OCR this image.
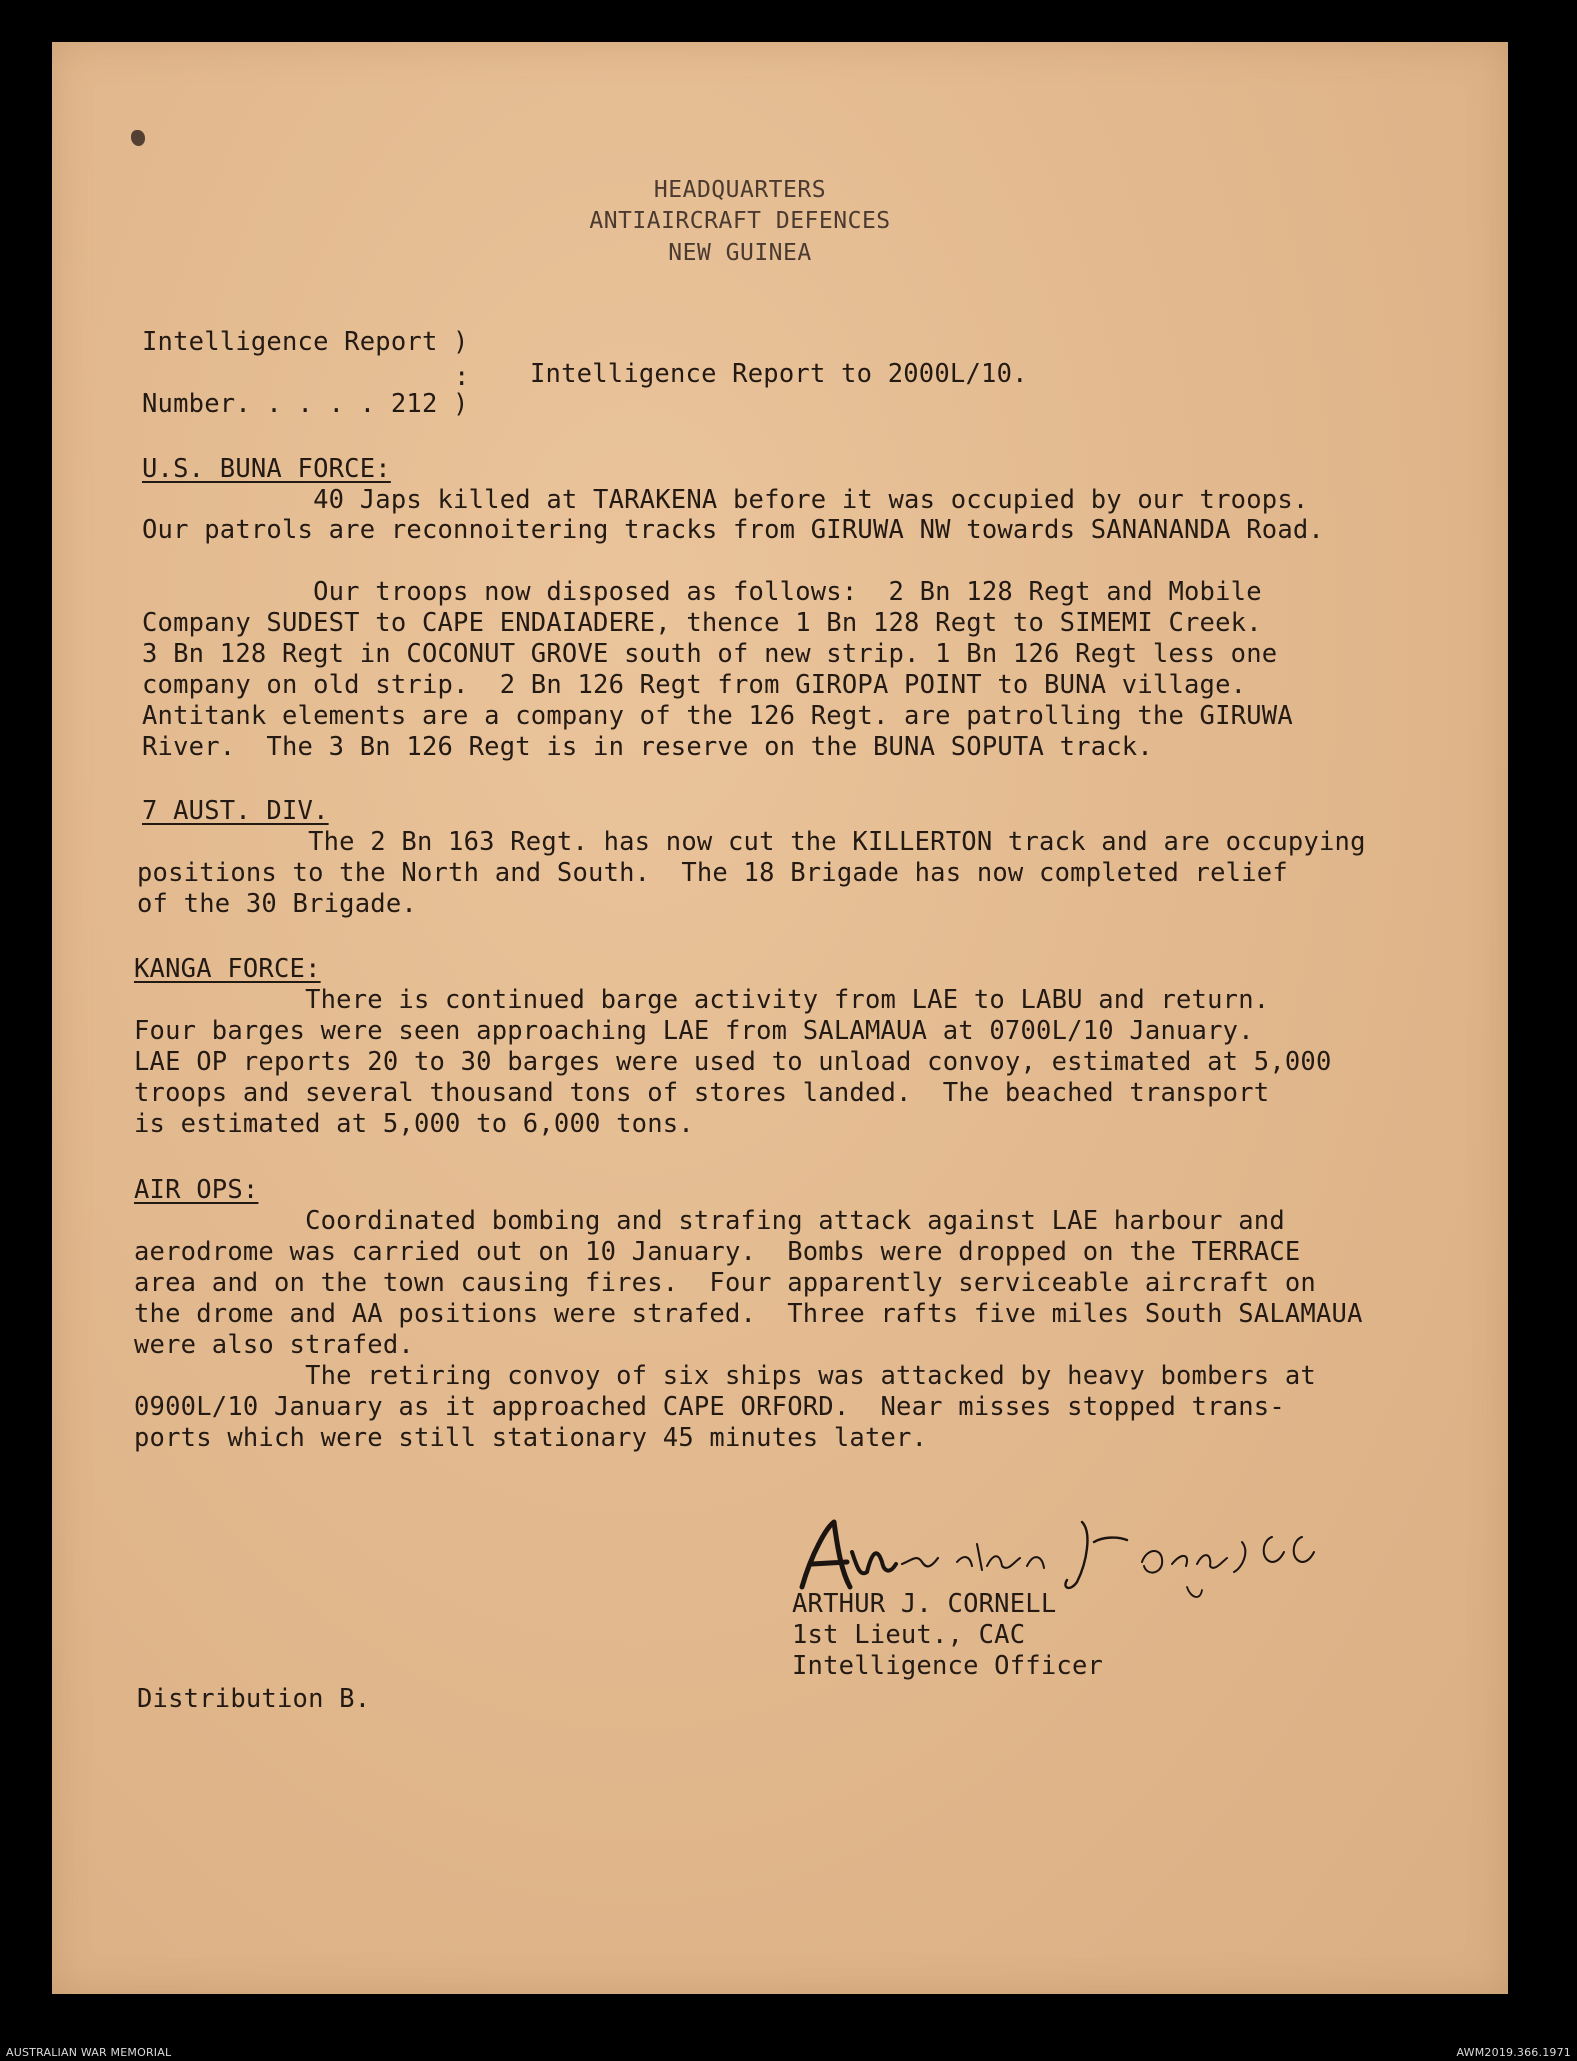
HEADQUARTERS
ANTIAIRCRAFT DEFENCES
NEW GUINEA
Intelligence Report )
:
Number. . . . . 212 )
Intelligence Report to 2000L/10.
U.S. BUNA FORCE:
40 Japs killed at TARAKENA before it was occupied by our troops.
Our patrols are reconnoitering tracks from GIRUWA NW towards SANANANDA Road.
Our troops now disposed as follows:  2 Bn 128 Regt and Mobile
Company SUDEST to CAPE ENDAIADERE, thence 1 Bn 128 Regt to SIMEMI Creek.
3 Bn 128 Regt in COCONUT GROVE south of new strip. 1 Bn 126 Regt less one
company on old strip.  2 Bn 126 Regt from GIROPA POINT to BUNA village.
Antitank elements are a company of the 126 Regt. are patrolling the GIRUWA
River.  The 3 Bn 126 Regt is in reserve on the BUNA SOPUTA track.
7 AUST. DIV.
The 2 Bn 163 Regt. has now cut the KILLERTON track and are occupying
positions to the North and South.  The 18 Brigade has now completed relief
of the 30 Brigade.
KANGA FORCE:
There is continued barge activity from LAE to LABU and return.
Four barges were seen approaching LAE from SALAMAUA at 0700L/10 January.
LAE OP reports 20 to 30 barges were used to unload convoy, estimated at 5,000
troops and several thousand tons of stores landed.  The beached transport
is estimated at 5,000 to 6,000 tons.
AIR OPS:
Coordinated bombing and strafing attack against LAE harbour and
aerodrome was carried out on 10 January.  Bombs were dropped on the TERRACE
area and on the town causing fires.  Four apparently serviceable aircraft on
the drome and AA positions were strafed.  Three rafts five miles South SALAMAUA
were also strafed.
The retiring convoy of six ships was attacked by heavy bombers at
0900L/10 January as it approached CAPE ORFORD.  Near misses stopped trans-
ports which were still stationary 45 minutes later.
ARTHUR J. CORNELL
1st Lieut., CAC
Intelligence Officer
Distribution B.
AUSTRALIAN WAR MEMORIAL	AWM2019.366.1971
